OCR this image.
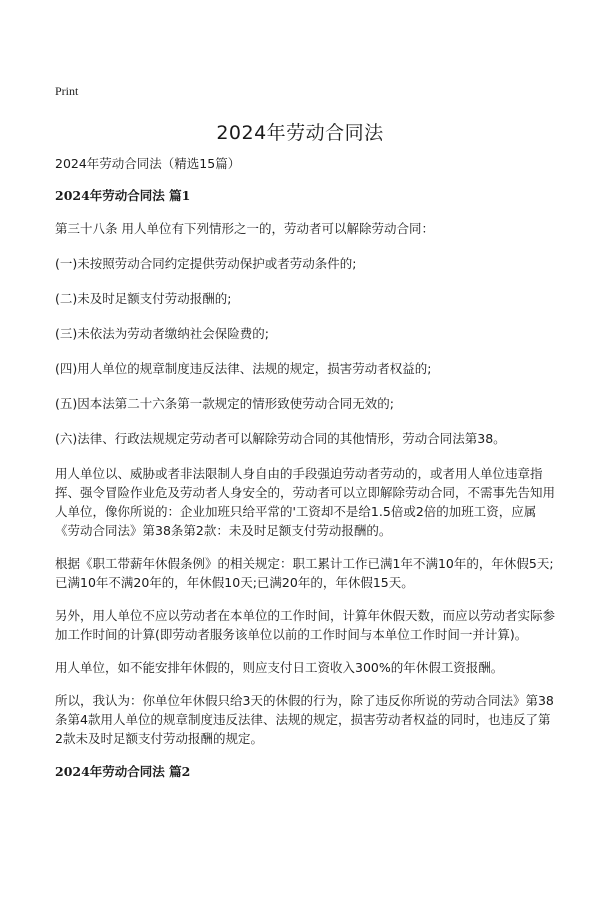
Print
2024年劳动合同法

2024年劳动合同法（精选15篇）

2024年劳动合同法 篇1

第三十八条 用人单位有下列情形之一的，劳动者可以解除劳动合同：

(一)未按照劳动合同约定提供劳动保护或者劳动条件的;

(二)未及时足额支付劳动报酬的;

(三)未依法为劳动者缴纳社会保险费的;

(四)用人单位的规章制度违反法律、法规的规定，损害劳动者权益的;

(五)因本法第二十六条第一款规定的情形致使劳动合同无效的;

(六)法律、行政法规规定劳动者可以解除劳动合同的其他情形，劳动合同法第38。

用人单位以、威胁或者非法限制人身自由的手段强迫劳动者劳动的，或者用人单位违章指挥、强令冒险作业危及劳动者人身安全的，劳动者可以立即解除劳动合同，不需事先告知用人单位，像你所说的：企业加班只给平常的'工资却不是给1.5倍或2倍的加班工资，应属《劳动合同法》第38条第2款：未及时足额支付劳动报酬的。

根据《职工带薪年休假条例》的相关规定：职工累计工作已满1年不满10年的，年休假5天;已满10年不满20年的，年休假10天;已满20年的，年休假15天。

另外，用人单位不应以劳动者在本单位的工作时间，计算年休假天数，而应以劳动者实际参加工作时间的计算(即劳动者服务该单位以前的工作时间与本单位工作时间一并计算)。

用人单位，如不能安排年休假的，则应支付日工资收入300%的年休假工资报酬。

所以，我认为：你单位年休假只给3天的休假的行为，除了违反你所说的劳动合同法》第38条第4款用人单位的规章制度违反法律、法规的规定，损害劳动者权益的同时，也违反了第2款未及时足额支付劳动报酬的规定。

2024年劳动合同法 篇2
